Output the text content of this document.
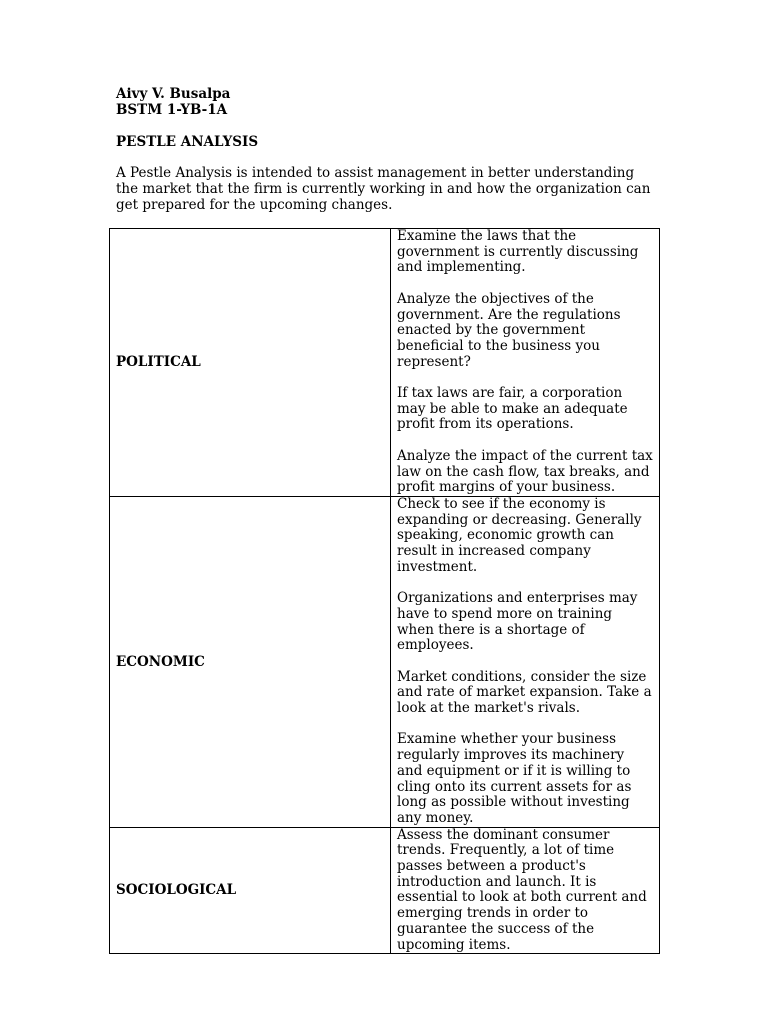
Aivy V. Busalpa

BSTM 1-YB-1A

PESTLE ANALYSIS

A Pestle Analysis is intended to assist management in better understanding the market that the firm is currently working in and how the organization can get prepared for the upcoming changes.

POLITICAL	Examine the laws that the government is currently discussing and implementing.

Analyze the objectives of the government. Are the regulations enacted by the government beneficial to the business you represent?

If tax laws are fair, a corporation may be able to make an adequate profit from its operations.

Analyze the impact of the current tax law on the cash flow, tax breaks, and profit margins of your business.

ECONOMIC	Check to see if the economy is expanding or decreasing. Generally speaking, economic growth can result in increased company investment.

Organizations and enterprises may have to spend more on training when there is a shortage of employees.

Market conditions, consider the size and rate of market expansion. Take a look at the market's rivals.

Examine whether your business regularly improves its machinery and equipment or if it is willing to cling onto its current assets for as long as possible without investing any money.

SOCIOLOGICAL	Assess the dominant consumer trends. Frequently, a lot of time passes between a product's introduction and launch. It is essential to look at both current and emerging trends in order to guarantee the success of the upcoming items.
